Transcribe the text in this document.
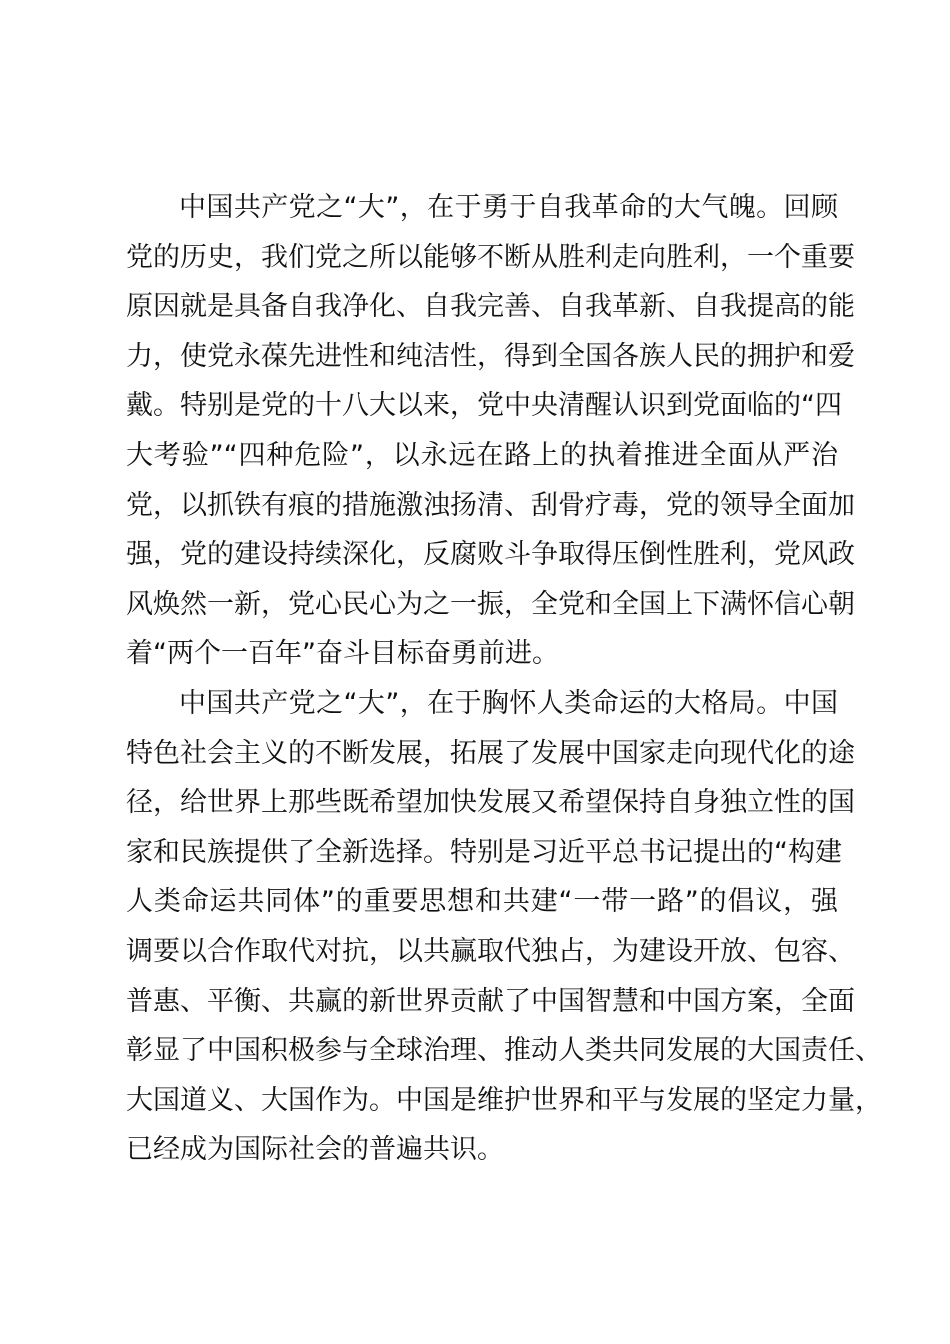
中国共产党之“大”，在于勇于自我革命的大气魄。回顾
党的历史，我们党之所以能够不断从胜利走向胜利，一个重要
原因就是具备自我净化、自我完善、自我革新、自我提高的能
力，使党永葆先进性和纯洁性，得到全国各族人民的拥护和爱
戴。特别是党的十八大以来，党中央清醒认识到党面临的“四
大考验”“四种危险”，以永远在路上的执着推进全面从严治
党，以抓铁有痕的措施激浊扬清、刮骨疗毒，党的领导全面加
强，党的建设持续深化，反腐败斗争取得压倒性胜利，党风政
风焕然一新，党心民心为之一振，全党和全国上下满怀信心朝
着“两个一百年”奋斗目标奋勇前进。

中国共产党之“大”，在于胸怀人类命运的大格局。中国
特色社会主义的不断发展，拓展了发展中国家走向现代化的途
径，给世界上那些既希望加快发展又希望保持自身独立性的国
家和民族提供了全新选择。特别是习近平总书记提出的“构建
人类命运共同体”的重要思想和共建“一带一路”的倡议，强
调要以合作取代对抗，以共赢取代独占，为建设开放、包容、
普惠、平衡、共赢的新世界贡献了中国智慧和中国方案，全面
彰显了中国积极参与全球治理、推动人类共同发展的大国责任、
大国道义、大国作为。中国是维护世界和平与发展的坚定力量，
已经成为国际社会的普遍共识。
